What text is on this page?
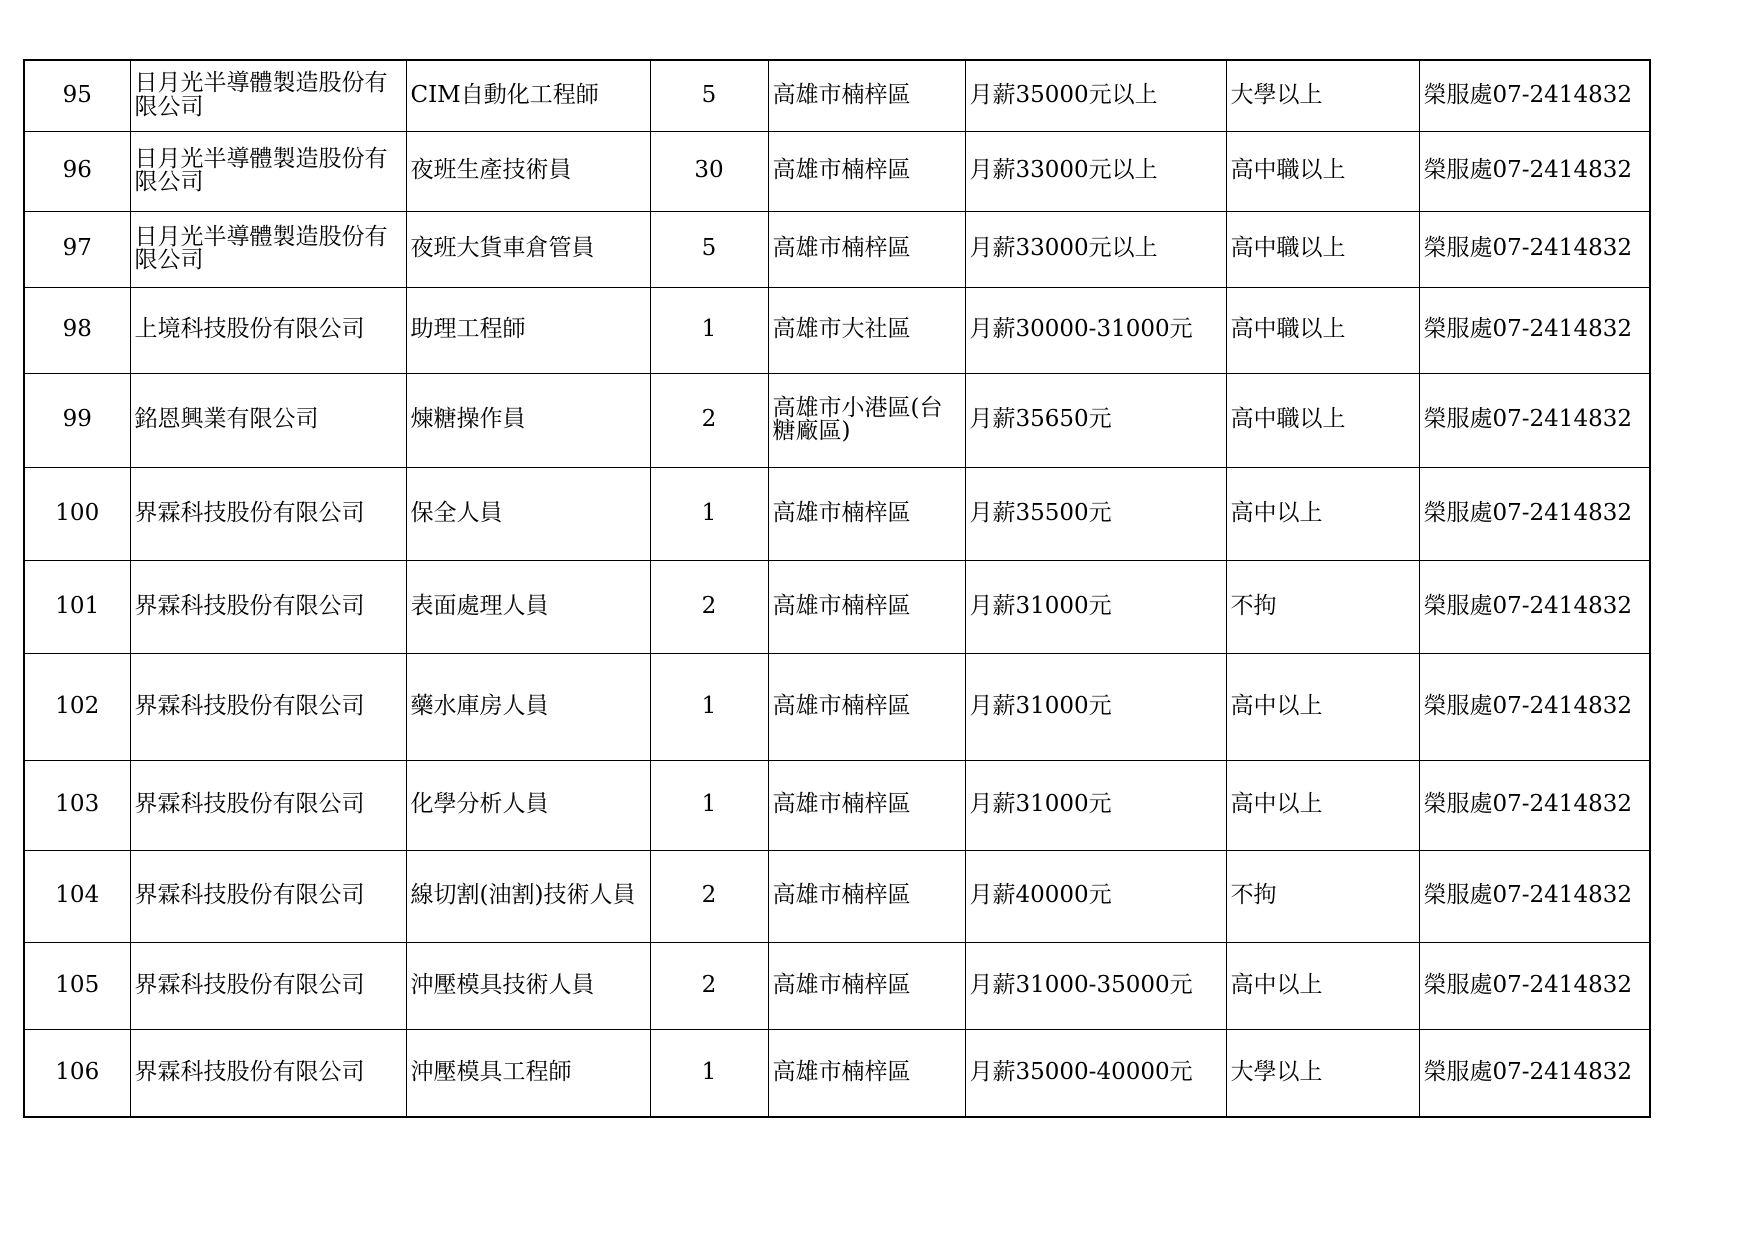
95	日月光半導體製造股份有限公司	CIM自動化工程師	5	高雄市楠梓區	月薪35000元以上	大學以上	榮服處07-2414832
96	日月光半導體製造股份有限公司	夜班生產技術員	30	高雄市楠梓區	月薪33000元以上	高中職以上	榮服處07-2414832
97	日月光半導體製造股份有限公司	夜班大貨車倉管員	5	高雄市楠梓區	月薪33000元以上	高中職以上	榮服處07-2414832
98	上境科技股份有限公司	助理工程師	1	高雄市大社區	月薪30000-31000元	高中職以上	榮服處07-2414832
99	銘恩興業有限公司	煉糖操作員	2	高雄市小港區(台糖廠區)	月薪35650元	高中職以上	榮服處07-2414832
100	界霖科技股份有限公司	保全人員	1	高雄市楠梓區	月薪35500元	高中以上	榮服處07-2414832
101	界霖科技股份有限公司	表面處理人員	2	高雄市楠梓區	月薪31000元	不拘	榮服處07-2414832
102	界霖科技股份有限公司	藥水庫房人員	1	高雄市楠梓區	月薪31000元	高中以上	榮服處07-2414832
103	界霖科技股份有限公司	化學分析人員	1	高雄市楠梓區	月薪31000元	高中以上	榮服處07-2414832
104	界霖科技股份有限公司	線切割(油割)技術人員	2	高雄市楠梓區	月薪40000元	不拘	榮服處07-2414832
105	界霖科技股份有限公司	沖壓模具技術人員	2	高雄市楠梓區	月薪31000-35000元	高中以上	榮服處07-2414832
106	界霖科技股份有限公司	沖壓模具工程師	1	高雄市楠梓區	月薪35000-40000元	大學以上	榮服處07-2414832
